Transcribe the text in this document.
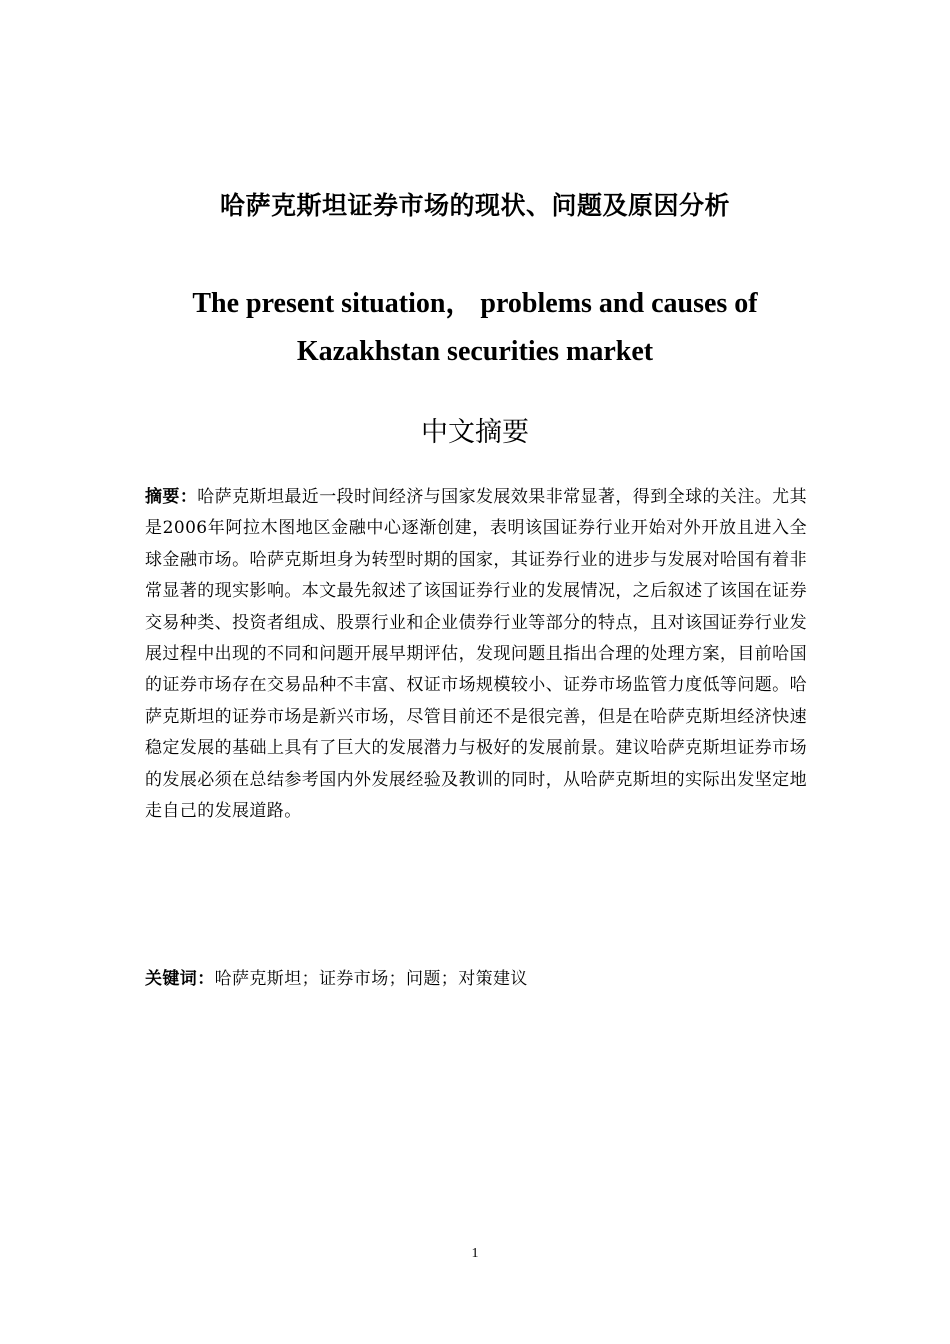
哈萨克斯坦证券市场的现状、问题及原因分析
The present situation， problems and causes of
Kazakhstan securities market
中文摘要
摘要：哈萨克斯坦最近一段时间经济与国家发展效果非常显著，得到全球的关注。尤其是2006年阿拉木图地区金融中心逐渐创建，表明该国证券行业开始对外开放且进入全球金融市场。哈萨克斯坦身为转型时期的国家，其证券行业的进步与发展对哈国有着非常显著的现实影响。本文最先叙述了该国证券行业的发展情况，之后叙述了该国在证券交易种类、投资者组成、股票行业和企业债券行业等部分的特点，且对该国证券行业发展过程中出现的不同和问题开展早期评估，发现问题且指出合理的处理方案，目前哈国的证券市场存在交易品种不丰富、权证市场规模较小、证券市场监管力度低等问题。哈萨克斯坦的证券市场是新兴市场，尽管目前还不是很完善，但是在哈萨克斯坦经济快速稳定发展的基础上具有了巨大的发展潜力与极好的发展前景。建议哈萨克斯坦证券市场的发展必须在总结参考国内外发展经验及教训的同时，从哈萨克斯坦的实际出发坚定地走自己的发展道路。
关键词：哈萨克斯坦；证券市场；问题；对策建议
1
